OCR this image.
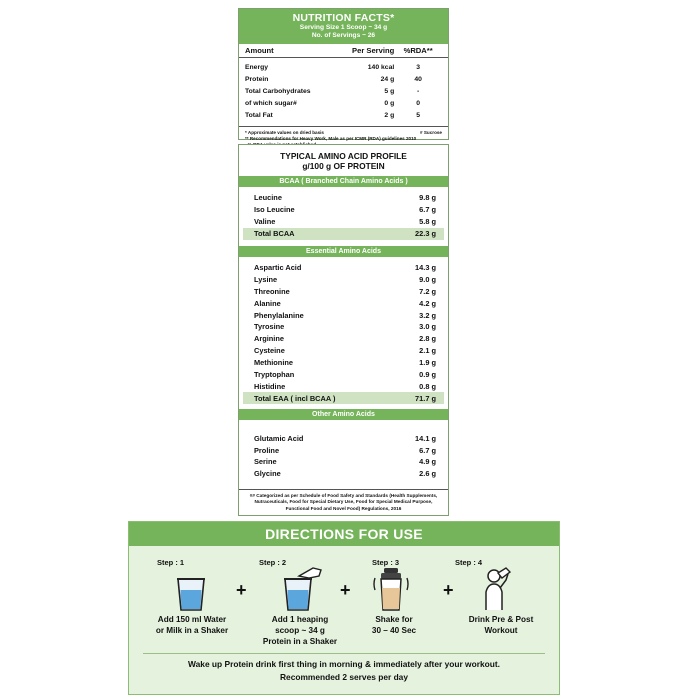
NUTRITION FACTS*
Serving Size 1 Scoop ~ 34 g
No. of Servings ~ 26
Amount	Per Serving	%RDA**
Energy	140 kcal	3
Protein	24 g	40
Total Carbohydrates	5 g	-
of which sugar#	0 g	0
Total Fat	2 g	5
* Approximate values on dried basis	# Sucrose
** Recommendations for Heavy Work, Male as per ICMR (RDA) guidelines 2010
TYPICAL AMINO ACID PROFILE
g/100 g OF PROTEIN
BCAA ( Branched Chain Amino Acids )
Leucine	9.8 g
Iso Leucine	6.7 g
Valine	5.8 g
Total BCAA	22.3 g
Essential Amino Acids
Aspartic Acid	14.3 g
Lysine	9.0 g
Threonine	7.2 g
Alanine	4.2 g
Phenylalanine	3.2 g
Tyrosine	3.0 g
Arginine	2.8 g
Cysteine	2.1 g
Methionine	1.9 g
Tryptophan	0.9 g
Histidine	0.8 g
Total EAA ( incl BCAA )	71.7 g
Other Amino Acids
Glutamic Acid	14.1 g
Proline	6.7 g
Serine	4.9 g
Glycine	2.6 g
## Categorized as per Schedule of Food Safety and Standards (Health Supplements, Nutraceuticals, Food for Special Dietary Use, Food for Special Medical Purpose, Functional Food and Novel Food) Regulations, 2016
DIRECTIONS FOR USE
Step : 1	Step : 2	Step : 3	Step : 4
+	+	+
Add 150 ml Water
or Milk in a Shaker
Add 1 heaping
scoop ~ 34 g
Protein in a Shaker
Shake for
30 – 40 Sec
Drink Pre & Post
Workout
Wake up Protein drink first thing in morning & immediately after your workout.
Recommended 2 serves per day
